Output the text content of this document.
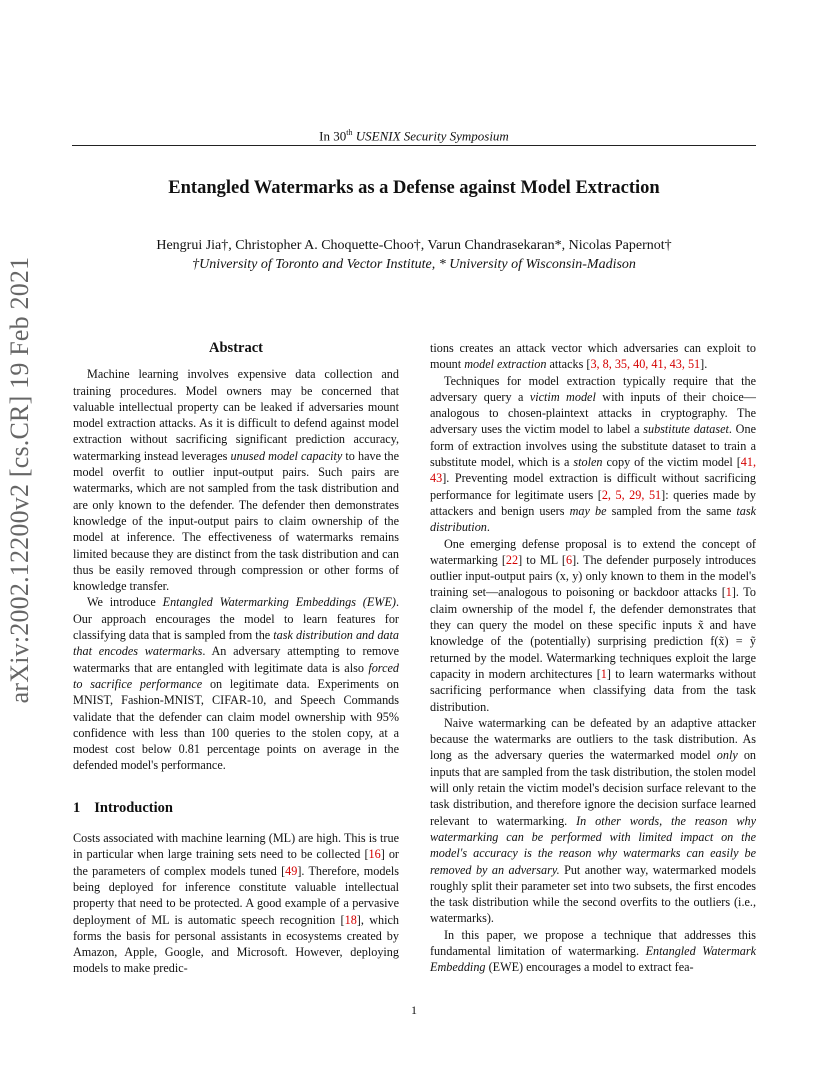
In 30th USENIX Security Symposium
Entangled Watermarks as a Defense against Model Extraction
Hengrui Jia†, Christopher A. Choquette-Choo†, Varun Chandrasekaran*, Nicolas Papernot†
†University of Toronto and Vector Institute, * University of Wisconsin-Madison
arXiv:2002.12200v2 [cs.CR] 19 Feb 2021	Abstract

Machine learning involves expensive data collection and training procedures. Model owners may be concerned that valuable intellectual property can be leaked if adversaries mount model extraction attacks. As it is difficult to defend against model extraction without sacrificing significant prediction accuracy, watermarking instead leverages unused model capacity to have the model overfit to outlier input-output pairs. Such pairs are watermarks, which are not sampled from the task distribution and are only known to the defender. The defender then demonstrates knowledge of the input-output pairs to claim ownership of the model at inference. The effectiveness of watermarks remains limited because they are distinct from the task distribution and can thus be easily removed through compression or other forms of knowledge transfer.

We introduce Entangled Watermarking Embeddings (EWE). Our approach encourages the model to learn features for classifying data that is sampled from the task distribution and data that encodes watermarks. An adversary attempting to remove watermarks that are entangled with legitimate data is also forced to sacrifice performance on legitimate data. Experiments on MNIST, Fashion-MNIST, CIFAR-10, and Speech Commands validate that the defender can claim model ownership with 95% confidence with less than 100 queries to the stolen copy, at a modest cost below 0.81 percentage points on average in the defended model's performance.

1 Introduction

Costs associated with machine learning (ML) are high. This is true in particular when large training sets need to be collected [16] or the parameters of complex models tuned [49]. Therefore, models being deployed for inference constitute valuable intellectual property that need to be protected. A good example of a pervasive deployment of ML is automatic speech recognition [18], which forms the basis for personal assistants in ecosystems created by Amazon, Apple, Google, and Microsoft. However, deploying models to make predic-

tions creates an attack vector which adversaries can exploit to mount model extraction attacks [3, 8, 35, 40, 41, 43, 51].

Techniques for model extraction typically require that the adversary query a victim model with inputs of their choice—analogous to chosen-plaintext attacks in cryptography. The adversary uses the victim model to label a substitute dataset. One form of extraction involves using the substitute dataset to train a substitute model, which is a stolen copy of the victim model [41, 43]. Preventing model extraction is difficult without sacrificing performance for legitimate users [2, 5, 29, 51]: queries made by attackers and benign users may be sampled from the same task distribution.

One emerging defense proposal is to extend the concept of watermarking [22] to ML [6]. The defender purposely introduces outlier input-output pairs (x, y) only known to them in the model's training set—analogous to poisoning or backdoor attacks [1]. To claim ownership of the model f, the defender demonstrates that they can query the model on these specific inputs x̃ and have knowledge of the (potentially) surprising prediction f(x̃) = ỹ returned by the model. Watermarking techniques exploit the large capacity in modern architectures [1] to learn watermarks without sacrificing performance when classifying data from the task distribution.

Naive watermarking can be defeated by an adaptive attacker because the watermarks are outliers to the task distribution. As long as the adversary queries the watermarked model only on inputs that are sampled from the task distribution, the stolen model will only retain the victim model's decision surface relevant to the task distribution, and therefore ignore the decision surface learned relevant to watermarking. In other words, the reason why watermarking can be performed with limited impact on the model's accuracy is the reason why watermarks can easily be removed by an adversary. Put another way, watermarked models roughly split their parameter set into two subsets, the first encodes the task distribution while the second overfits to the outliers (i.e., watermarks).

In this paper, we propose a technique that addresses this fundamental limitation of watermarking. Entangled Watermark Embedding (EWE) encourages a model to extract fea-

1
